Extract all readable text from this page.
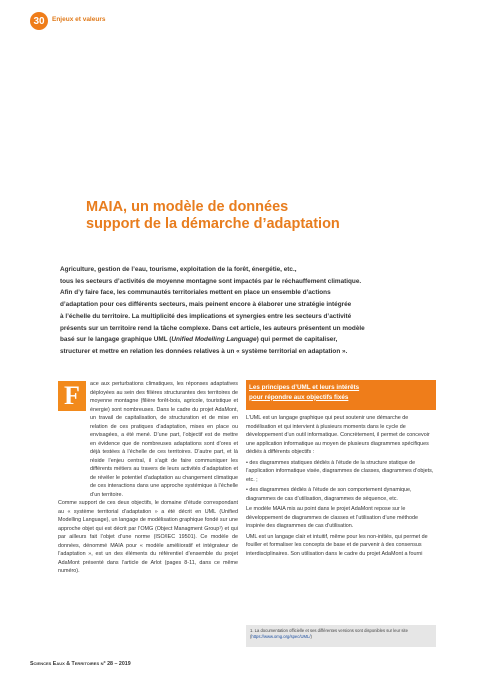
30	Enjeux et valeurs
MAIA, un modèle de données
support de la démarche d’adaptation

Agriculture, gestion de l’eau, tourisme, exploitation de la forêt, énergétie, etc.,

tous les secteurs d’activités de moyenne montagne sont impactés par le réchauffement climatique.

Afin d’y faire face, les communautés territoriales mettent en place un ensemble d’actions

d’adaptation pour ces différents secteurs, mais peinent encore à élaborer une stratégie intégrée

à l’échelle du territoire. La multiplicité des implications et synergies entre les secteurs d’activité

présents sur un territoire rend la tâche complexe. Dans cet article, les auteurs présentent un modèle

basé sur le langage graphique UML (Unified Modelling Language) qui permet de capitaliser,

structurer et mettre en relation les données relatives à un « système territorial en adaptation ».

F	ace aux perturbations climatiques, les réponses adaptatives déployées au sein des filières structurantes des territoires de moyenne montagne (filière forêt-bois, agricole, touristique et énergie) sont nombreuses. Dans le cadre du projet AdaMont, un travail de capitalisation, de structuration et de mise en relation de ces pratiques d’adaptation, mises en place ou envisagées, a été mené. D’une part, l’objectif est de mettre en évidence que de nombreuses adaptations sont d’ores et déjà testées à l’échelle de ces territoires. D’autre part, et là réside l’enjeu central, il s’agit de faire communiquer les différents métiers au travers de leurs activités d’adaptation et de révéler le potentiel d’adaptation au changement climatique de ces interactions dans une approche systémique à l’échelle d’un territoire.

Comme support de ces deux objectifs, le domaine d’étude correspondant au « système territorial d’adaptation » a été décrit en UML (Unified Modelling Language), un langage de modélisation graphique fondé sur une approche objet qui est décrit par l’OMG (Object Managment Group¹) et qui par ailleurs fait l’objet d’une norme (ISO/IEC 19501). Ce modèle de données, dénommé MAIA pour « modèle améliioratif et intégrateur de l’adaptation », est un des éléments du référentiel d’ensemble du projet AdaMont présenté dans l’article de Arlot (pages 8-11, dans ce même numéro).

Les principes d’UML et leurs intérêts
pour répondre aux objectifs fixés

L’UML est un langage graphique qui peut soutenir une démarche de modélisation et qui intervient à plusieurs moments dans le cycle de développement d’un outil informatique. Concrètement, il permet de concevoir une application informatique au moyen de plusieurs diagrammes spécifiques dédiés à différents objectifs :

• des diagrammes statiques dédiés à l’étude de la structure statique de l’application informatique visée, diagrammes de classes, diagrammes d’objets, etc. ;

• des diagrammes dédiés à l’étude de son comportement dynamique, diagrammes de cas d’utilisation, diagrammes de séquence, etc.

Le modèle MAIA mis au point dans le projet AdaMont repose sur le développement de diagrammes de classes et l’utilisation d’une méthode inspirée des diagrammes de cas d’utilisation.

UML est un langage clair et intuitif, même pour les non-initiés, qui permet de fouiller et formaliser les concepts de base et de parvenir à des consensus interdisciplinaires. Son utilisation dans le cadre du projet AdaMont a fourni

1. La documentation officielle et ses différentes versions sont disponibles sur leur site (https://www.omg.org/spec/UML/)
Sciences Eaux & Territoires n° 28 – 2019
